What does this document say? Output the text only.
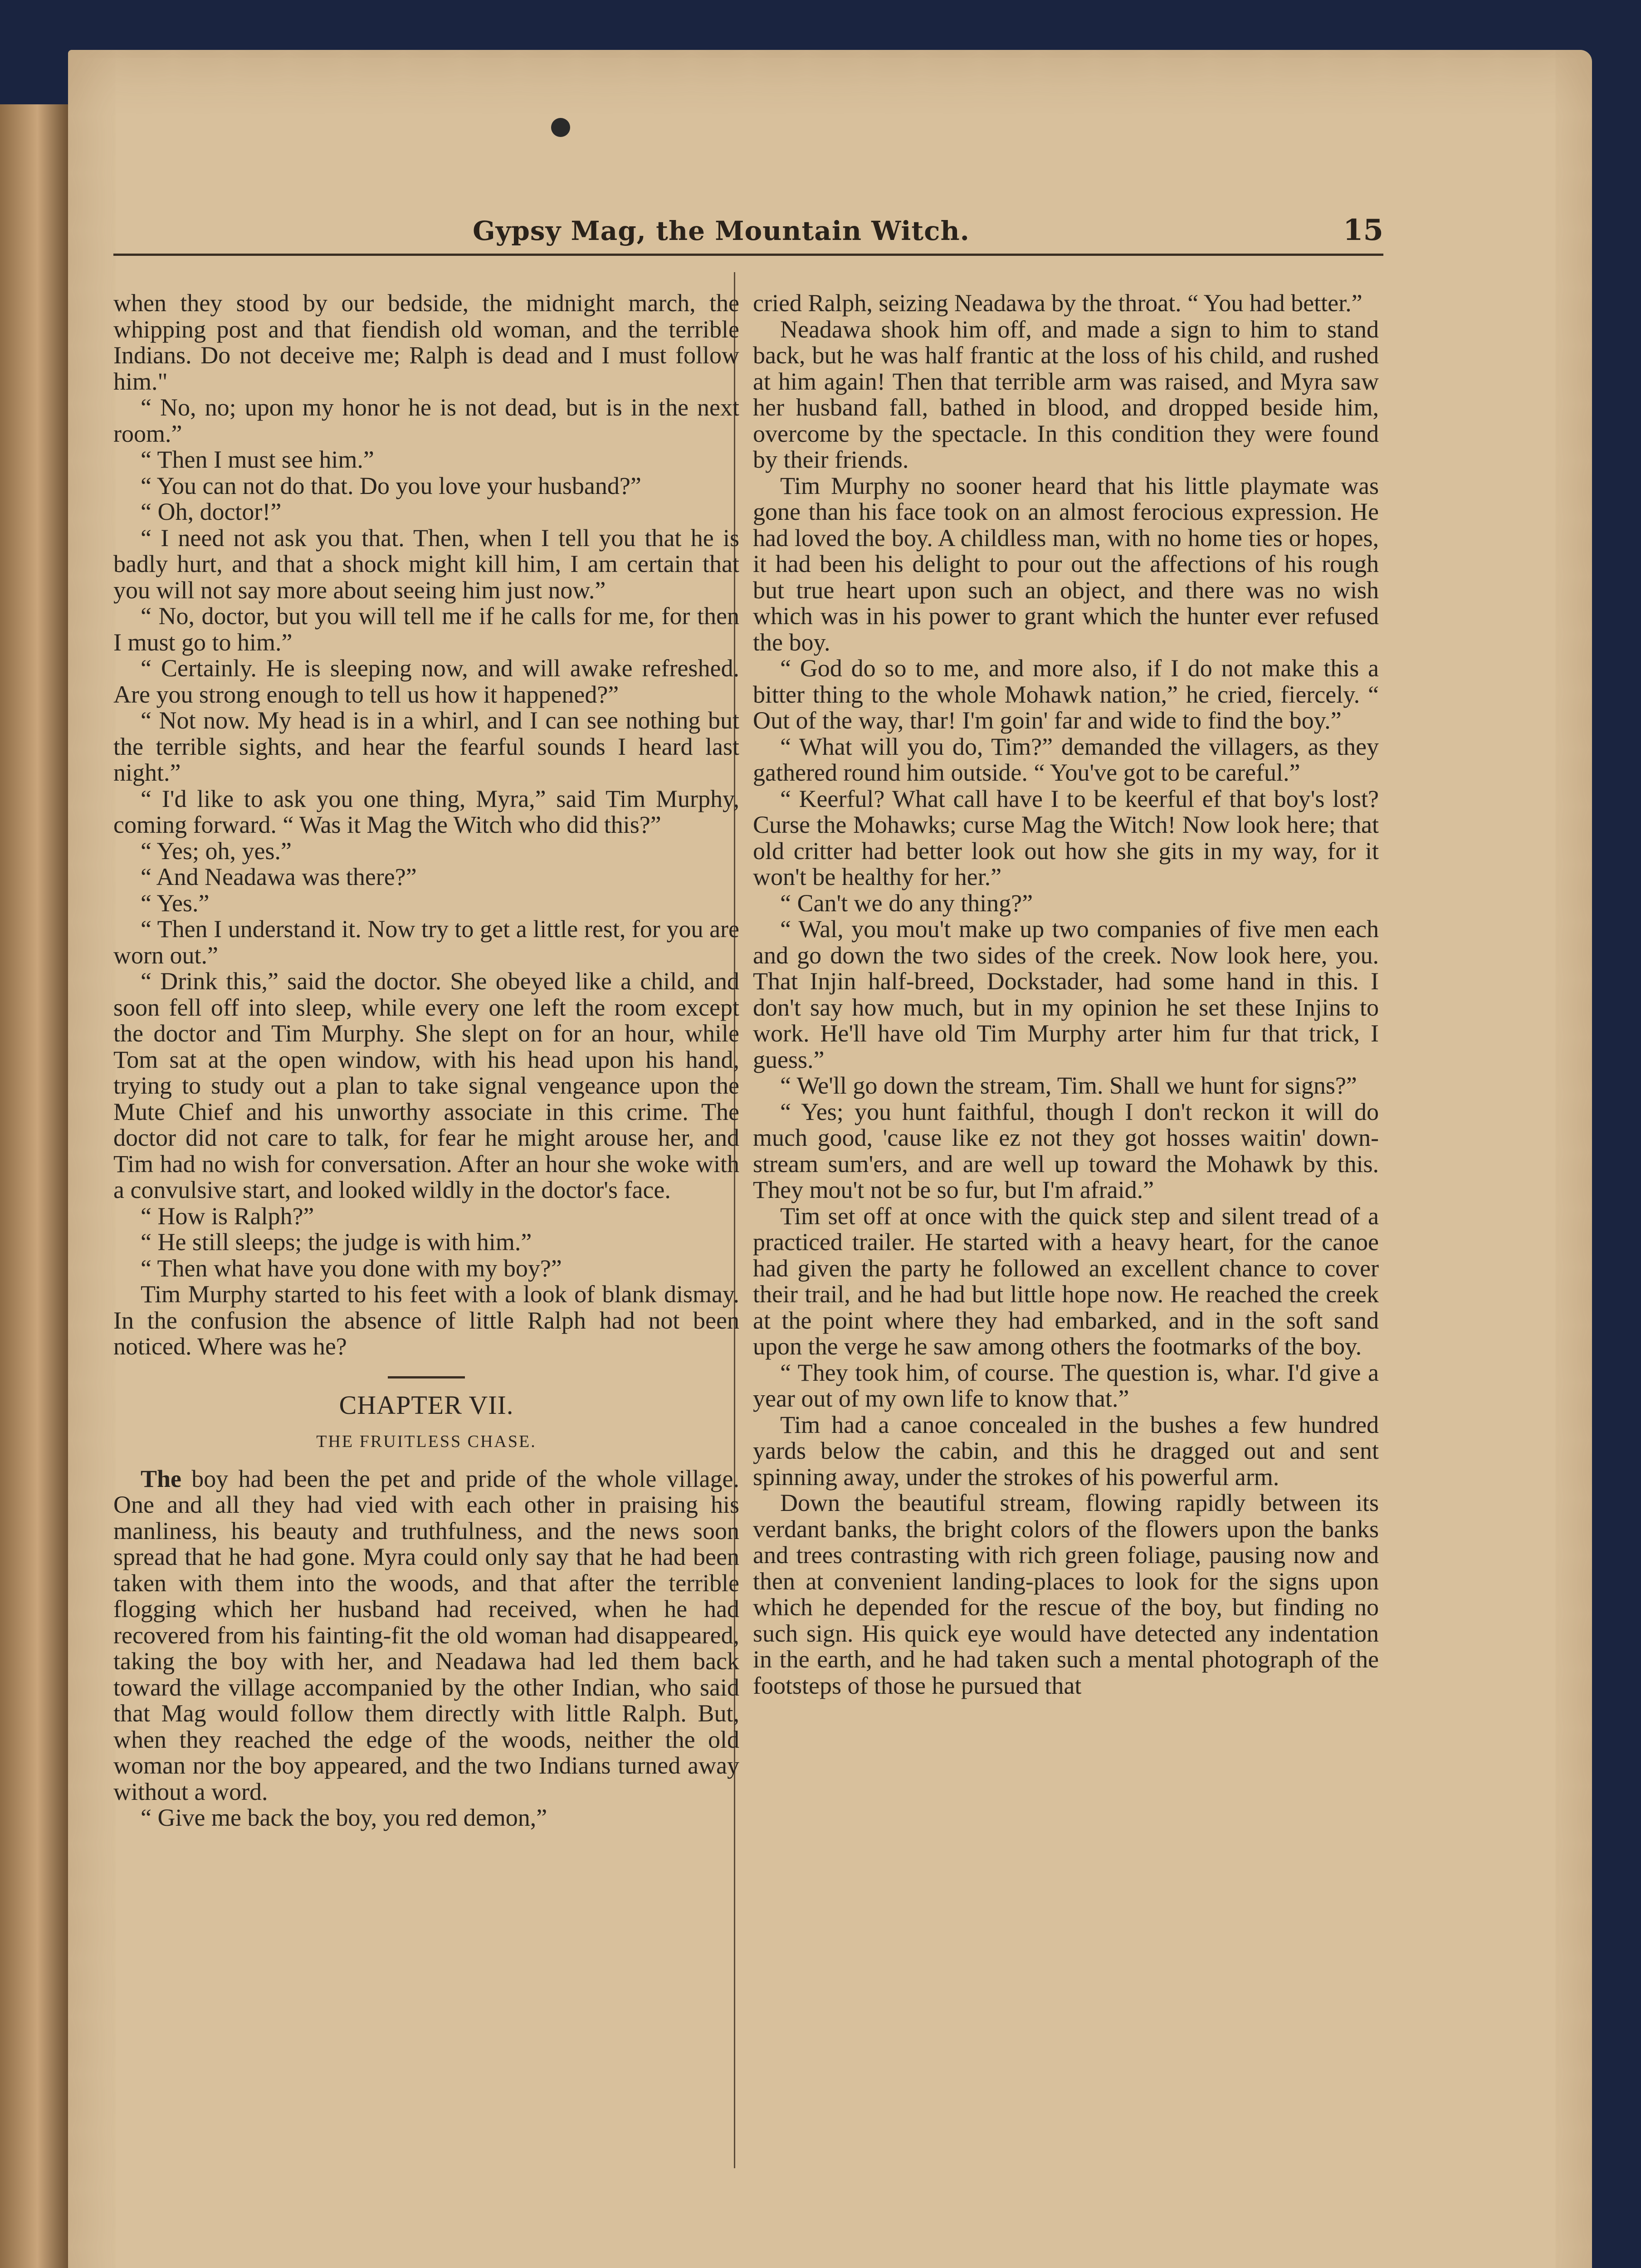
Gypsy Mag, the Mountain Witch.	15

when they stood by our bedside, the midnight march, the whipping post and that fiendish old woman, and the terrible Indians. Do not deceive me; Ralph is dead and I must follow him."

“ No, no; upon my honor he is not dead, but is in the next room.”

“ Then I must see him.”

“ You can not do that. Do you love your husband?”

“ Oh, doctor!”

“ I need not ask you that. Then, when I tell you that he is badly hurt, and that a shock might kill him, I am certain that you will not say more about seeing him just now.”

“ No, doctor, but you will tell me if he calls for me, for then I must go to him.”

“ Certainly. He is sleeping now, and will awake refreshed. Are you strong enough to tell us how it happened?”

“ Not now. My head is in a whirl, and I can see nothing but the terrible sights, and hear the fearful sounds I heard last night.”

“ I'd like to ask you one thing, Myra,” said Tim Murphy, coming forward. “ Was it Mag the Witch who did this?”

“ Yes; oh, yes.”

“ And Neadawa was there?”

“ Yes.”

“ Then I understand it. Now try to get a little rest, for you are worn out.”

“ Drink this,” said the doctor. She obeyed like a child, and soon fell off into sleep, while every one left the room except the doctor and Tim Murphy. She slept on for an hour, while Tom sat at the open window, with his head upon his hand, trying to study out a plan to take signal vengeance upon the Mute Chief and his unworthy associate in this crime. The doctor did not care to talk, for fear he might arouse her, and Tim had no wish for conversation. After an hour she woke with a convulsive start, and looked wildly in the doctor's face.

“ How is Ralph?”

“ He still sleeps; the judge is with him.”

“ Then what have you done with my boy?”

Tim Murphy started to his feet with a look of blank dismay. In the confusion the absence of little Ralph had not been noticed. Where was he?

CHAPTER VII.
THE FRUITLESS CHASE.

The boy had been the pet and pride of the whole village. One and all they had vied with each other in praising his manliness, his beauty and truthfulness, and the news soon spread that he had gone. Myra could only say that he had been taken with them into the woods, and that after the terrible flogging which her husband had received, when he had recovered from his fainting-fit the old woman had disappeared, taking the boy with her, and Neadawa had led them back toward the village accompanied by the other Indian, who said that Mag would follow them directly with little Ralph. But, when they reached the edge of the woods, neither the old woman nor the boy appeared, and the two Indians turned away without a word.

“ Give me back the boy, you red demon,”

cried Ralph, seizing Neadawa by the throat. “ You had better.”

Neadawa shook him off, and made a sign to him to stand back, but he was half frantic at the loss of his child, and rushed at him again! Then that terrible arm was raised, and Myra saw her husband fall, bathed in blood, and dropped beside him, overcome by the spectacle. In this condition they were found by their friends.

Tim Murphy no sooner heard that his little playmate was gone than his face took on an almost ferocious expression. He had loved the boy. A childless man, with no home ties or hopes, it had been his delight to pour out the affections of his rough but true heart upon such an object, and there was no wish which was in his power to grant which the hunter ever refused the boy.

“ God do so to me, and more also, if I do not make this a bitter thing to the whole Mohawk nation,” he cried, fiercely. “ Out of the way, thar! I'm goin' far and wide to find the boy.”

“ What will you do, Tim?” demanded the villagers, as they gathered round him outside. “ You've got to be careful.”

“ Keerful? What call have I to be keerful ef that boy's lost? Curse the Mohawks; curse Mag the Witch! Now look here; that old critter had better look out how she gits in my way, for it won't be healthy for her.”

“ Can't we do any thing?”

“ Wal, you mou't make up two companies of five men each and go down the two sides of the creek. Now look here, you. That Injin half-breed, Dockstader, had some hand in this. I don't say how much, but in my opinion he set these Injins to work. He'll have old Tim Murphy arter him fur that trick, I guess.”

“ We'll go down the stream, Tim. Shall we hunt for signs?”

“ Yes; you hunt faithful, though I don't reckon it will do much good, 'cause like ez not they got hosses waitin' down-stream sum'ers, and are well up toward the Mohawk by this. They mou't not be so fur, but I'm afraid.”

Tim set off at once with the quick step and silent tread of a practiced trailer. He started with a heavy heart, for the canoe had given the party he followed an excellent chance to cover their trail, and he had but little hope now. He reached the creek at the point where they had embarked, and in the soft sand upon the verge he saw among others the footmarks of the boy.

“ They took him, of course. The question is, whar. I'd give a year out of my own life to know that.”

Tim had a canoe concealed in the bushes a few hundred yards below the cabin, and this he dragged out and sent spinning away, under the strokes of his powerful arm.

Down the beautiful stream, flowing rapidly between its verdant banks, the bright colors of the flowers upon the banks and trees contrasting with rich green foliage, pausing now and then at convenient landing-places to look for the signs upon which he depended for the rescue of the boy, but finding no such sign. His quick eye would have detected any indentation in the earth, and he had taken such a mental photograph of the footsteps of those he pursued that
